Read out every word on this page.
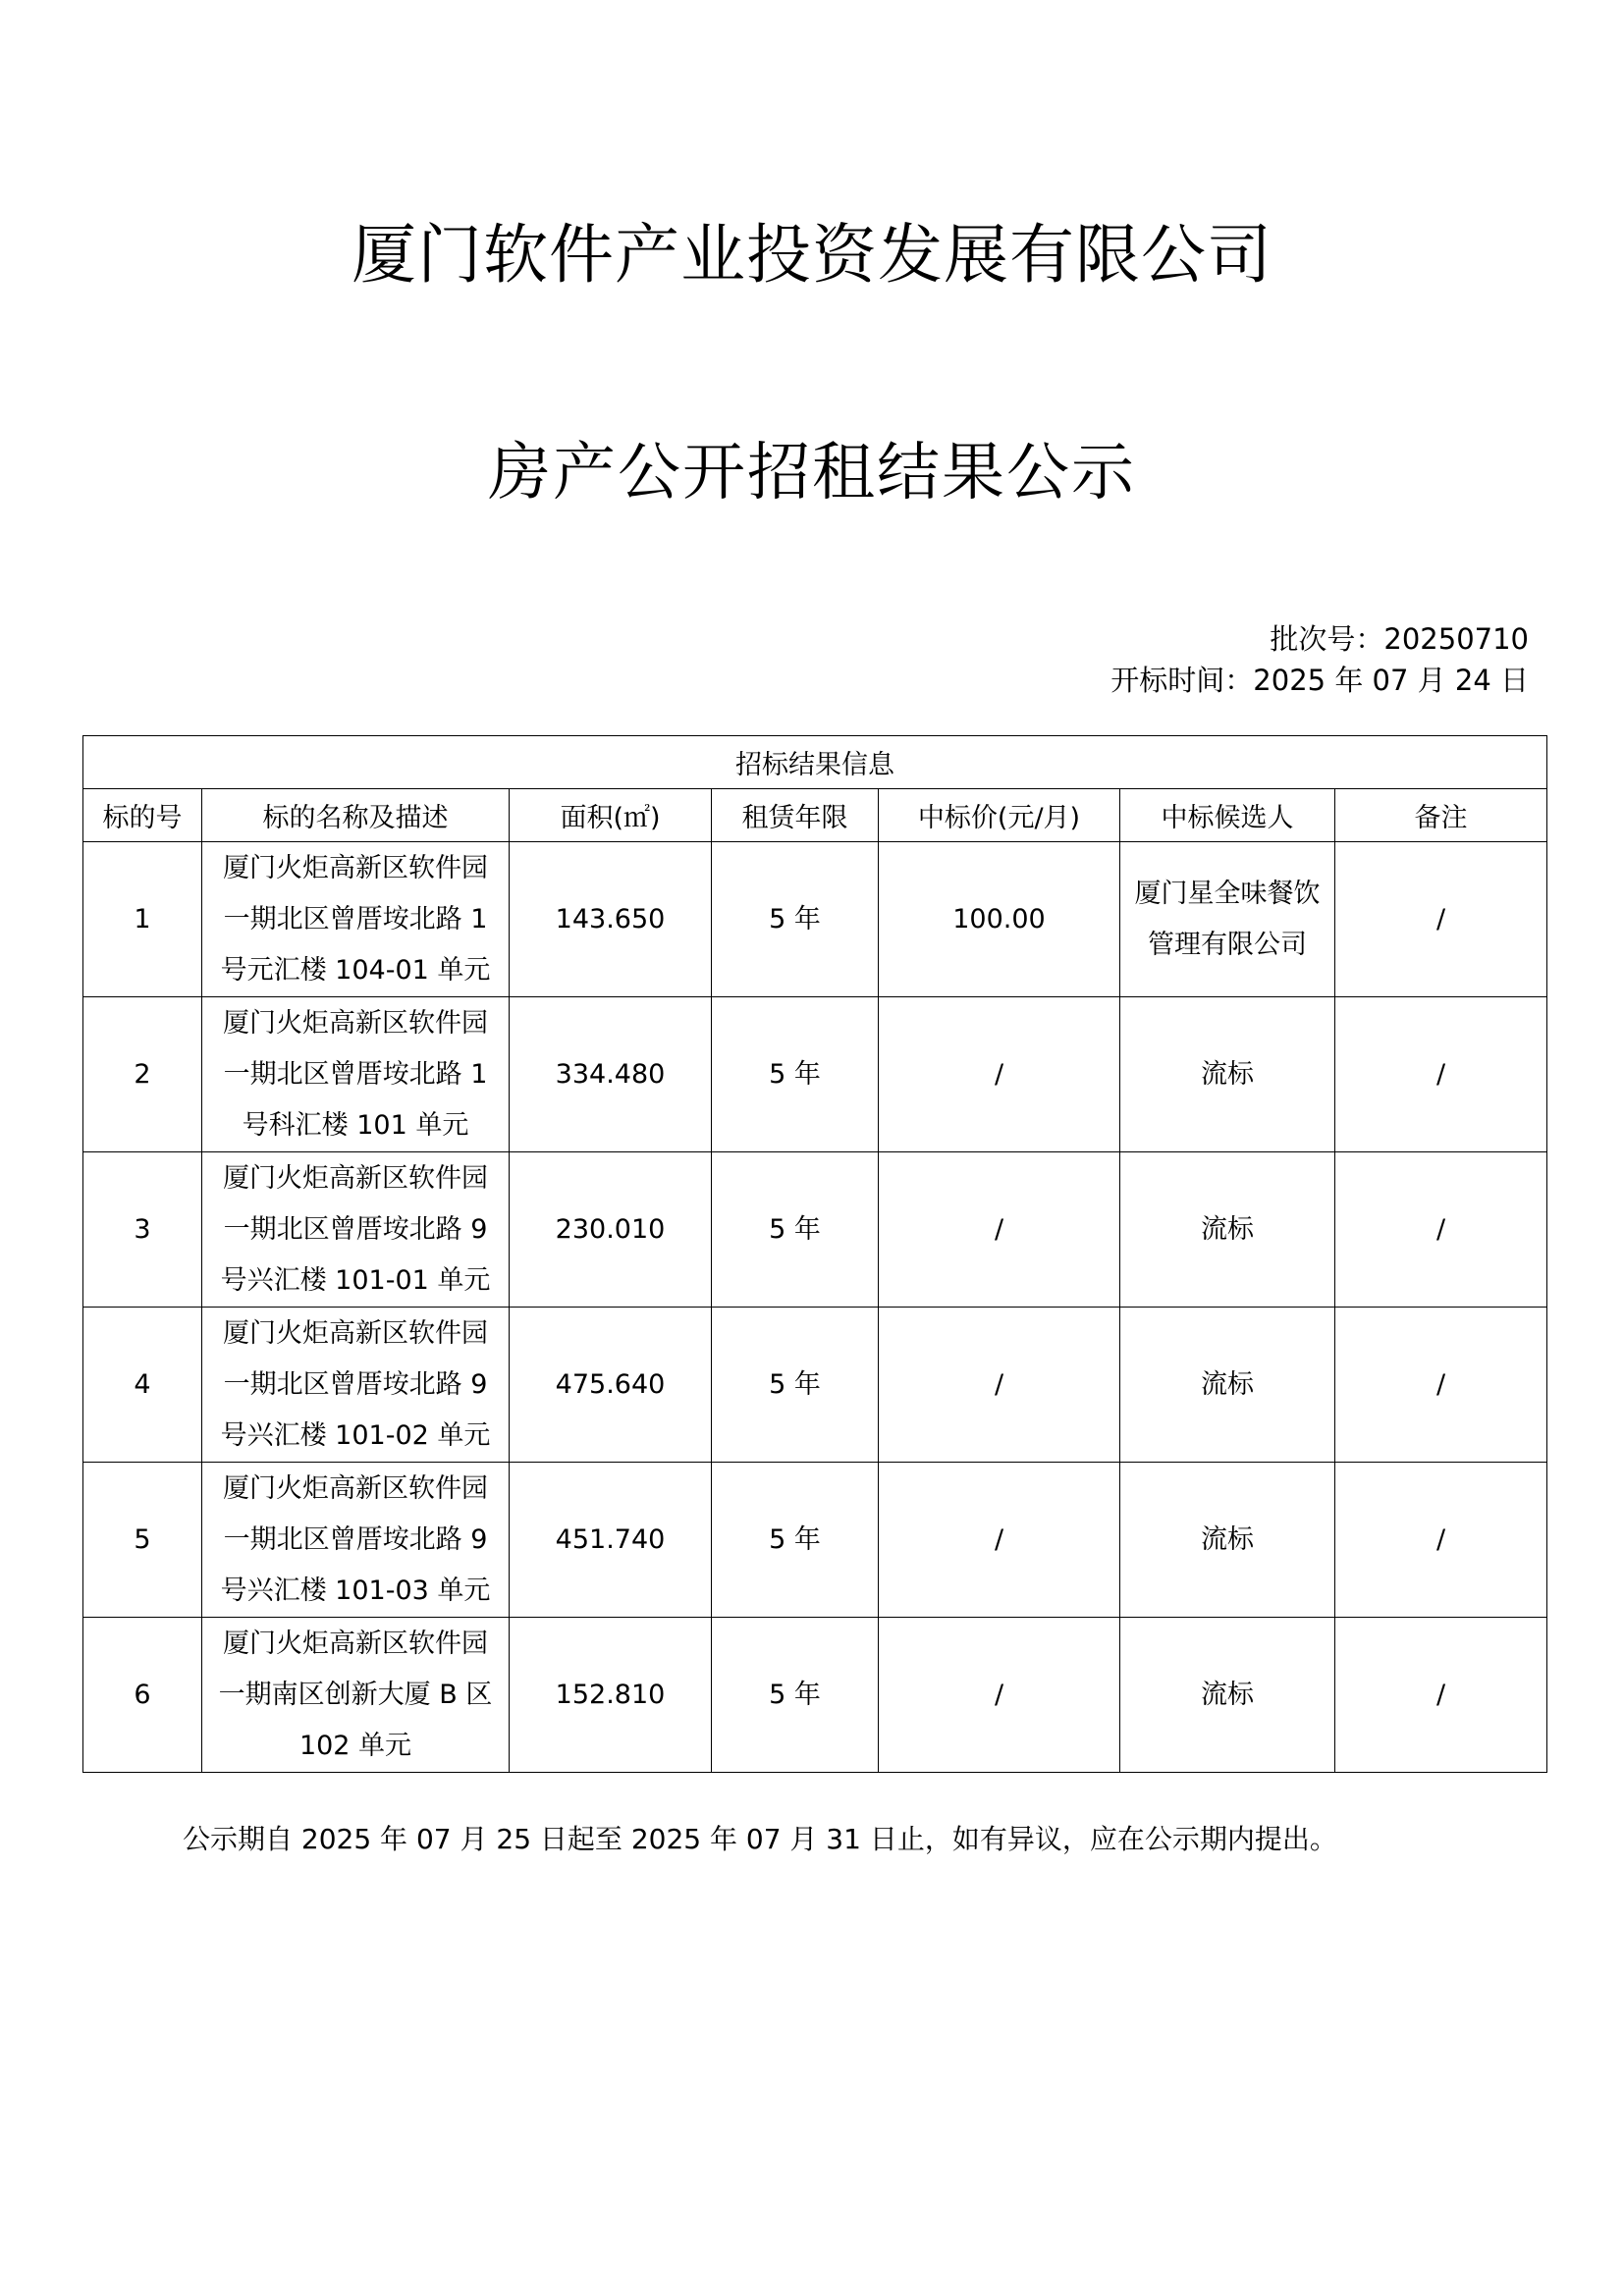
厦门软件产业投资发展有限公司
房产公开招租结果公示
批次号：20250710
开标时间：2025 年 07 月 24 日
招标结果信息						
标的号	标的名称及描述	面积(㎡)	租赁年限	中标价(元/月)	中标候选人	备注
1	厦门火炬高新区软件园一期北区曾厝垵北路 1 号元汇楼 104-01 单元	143.650	5 年	100.00	厦门星全味餐饮管理有限公司	/
2	厦门火炬高新区软件园一期北区曾厝垵北路 1 号科汇楼 101 单元	334.480	5 年	/	流标	/
3	厦门火炬高新区软件园一期北区曾厝垵北路 9 号兴汇楼 101-01 单元	230.010	5 年	/	流标	/
4	厦门火炬高新区软件园一期北区曾厝垵北路 9 号兴汇楼 101-02 单元	475.640	5 年	/	流标	/
5	厦门火炬高新区软件园一期北区曾厝垵北路 9 号兴汇楼 101-03 单元	451.740	5 年	/	流标	/
6	厦门火炬高新区软件园一期南区创新大厦 B 区 102 单元	152.810	5 年	/	流标	/
公示期自 2025 年 07 月 25 日起至 2025 年 07 月 31 日止，如有异议，应在公示期内提出。
